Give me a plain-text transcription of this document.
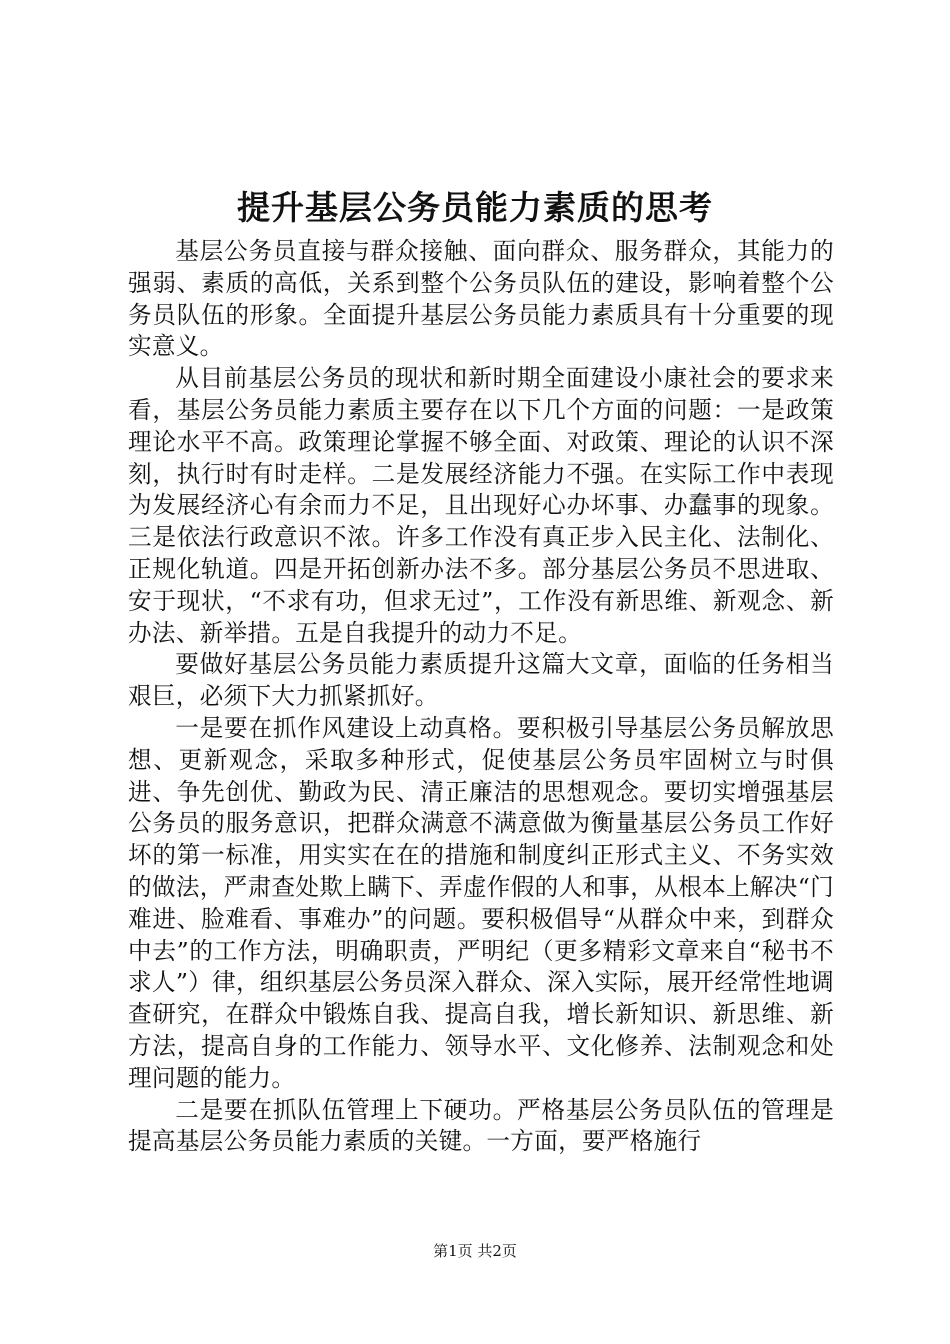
提升基层公务员能力素质的思考

基层公务员直接与群众接触、面向群众、服务群众，其能力的强弱、素质的高低，关系到整个公务员队伍的建设，影响着整个公务员队伍的形象。全面提升基层公务员能力素质具有十分重要的现实意义。

从目前基层公务员的现状和新时期全面建设小康社会的要求来看，基层公务员能力素质主要存在以下几个方面的问题：一是政策理论水平不高。政策理论掌握不够全面、对政策、理论的认识不深刻，执行时有时走样。二是发展经济能力不强。在实际工作中表现为发展经济心有余而力不足，且出现好心办坏事、办蠢事的现象。三是依法行政意识不浓。许多工作没有真正步入民主化、法制化、正规化轨道。四是开拓创新办法不多。部分基层公务员不思进取、安于现状，“不求有功，但求无过”，工作没有新思维、新观念、新办法、新举措。五是自我提升的动力不足。

要做好基层公务员能力素质提升这篇大文章，面临的任务相当艰巨，必须下大力抓紧抓好。

一是要在抓作风建设上动真格。要积极引导基层公务员解放思想、更新观念，采取多种形式，促使基层公务员牢固树立与时俱进、争先创优、勤政为民、清正廉洁的思想观念。要切实增强基层公务员的服务意识，把群众满意不满意做为衡量基层公务员工作好坏的第一标准，用实实在在的措施和制度纠正形式主义、不务实效的做法，严肃查处欺上瞒下、弄虚作假的人和事，从根本上解决“门难进、脸难看、事难办”的问题。要积极倡导“从群众中来，到群众中去”的工作方法，明确职责，严明纪（更多精彩文章来自“秘书不求人”）律，组织基层公务员深入群众、深入实际，展开经常性地调查研究，在群众中锻炼自我、提高自我，增长新知识、新思维、新方法，提高自身的工作能力、领导水平、文化修养、法制观念和处理问题的能力。

二是要在抓队伍管理上下硬功。严格基层公务员队伍的管理是提高基层公务员能力素质的关键。一方面，要严格施行

第1页 共2页
